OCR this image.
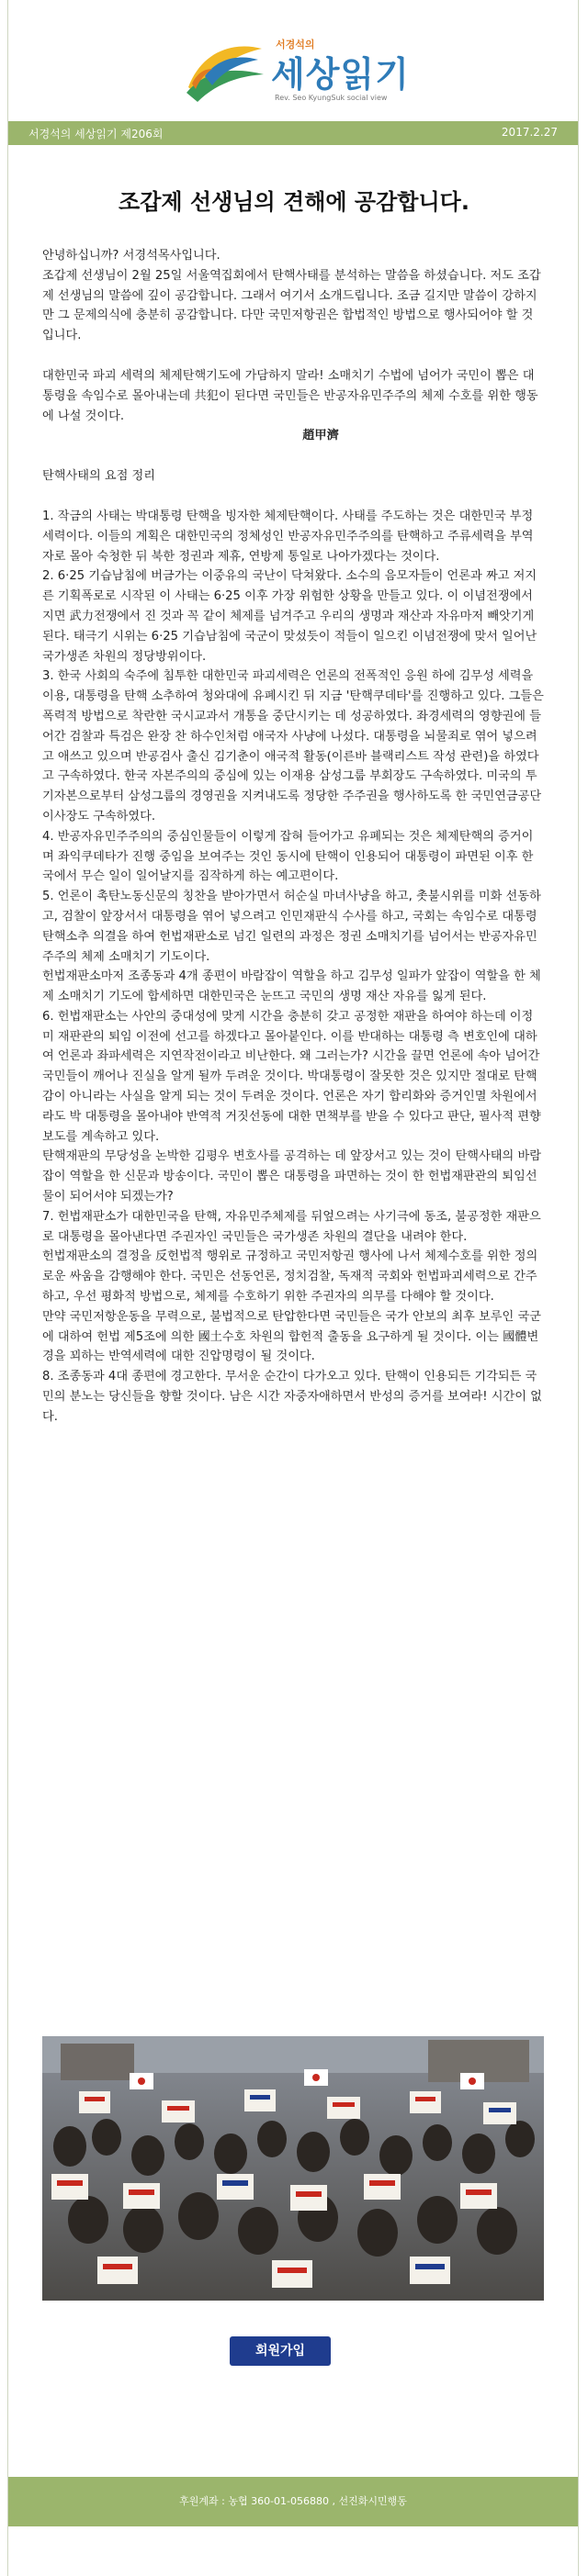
서경석의
세상읽기
Rev. Seo KyungSuk social view
서경석의 세상읽기 제206회	2017.2.27
조갑제 선생님의 견해에 공감합니다.

안녕하십니까? 서경석목사입니다.

조갑제 선생님이 2월 25일 서울역집회에서 탄핵사태를 분석하는 말씀을 하셨습니다. 저도 조갑제 선생님의 말씀에 깊이 공감합니다. 그래서 여기서 소개드립니다. 조금 길지만 말씀이 강하지만 그 문제의식에 충분히 공감합니다. 다만 국민저항권은 합법적인 방법으로 행사되어야 할 것입니다.

대한민국 파괴 세력의 체제탄핵기도에 가담하지 말라! 소매치기 수법에 넘어가 국민이 뽑은 대통령을 속임수로 몰아내는데 共犯이 된다면 국민들은 반공자유민주주의 체제 수호를 위한 행동에 나설 것이다.

趙甲濟

탄핵사태의 요점 정리

1. 작금의 사태는 박대통령 탄핵을 빙자한 체제탄핵이다. 사태를 주도하는 것은 대한민국 부정세력이다. 이들의 계획은 대한민국의 정체성인 반공자유민주주의를 탄핵하고 주류세력을 부역자로 몰아 숙청한 뒤 북한 정권과 제휴, 연방제 통일로 나아가겠다는 것이다.

2. 6·25 기습남침에 버금가는 이중유의 국난이 닥쳐왔다. 소수의 음모자들이 언론과 짜고 저지른 기획폭로로 시작된 이 사태는 6·25 이후 가장 위험한 상황을 만들고 있다. 이 이념전쟁에서 지면 武力전쟁에서 진 것과 꼭 같이 체제를 넘겨주고 우리의 생명과 재산과 자유마저 빼앗기게 된다. 태극기 시위는 6·25 기습남침에 국군이 맞섰듯이 적들이 일으킨 이념전쟁에 맞서 일어난 국가생존 차원의 정당방위이다.

3. 한국 사회의 숙주에 침투한 대한민국 파괴세력은 언론의 전폭적인 응원 하에 김무성 세력을 이용, 대통령을 탄핵 소추하여 청와대에 유폐시킨 뒤 지금 '탄핵쿠데타'를 진행하고 있다. 그들은 폭력적 방법으로 착란한 국시교과서 개통을 중단시키는 데 성공하였다. 좌경세력의 영향권에 들어간 검찰과 특검은 완장 찬 하수인처럼 애국자 사냥에 나섰다. 대통령을 뇌물죄로 엮어 넣으려고 애쓰고 있으며 반공검사 출신 김기춘이 애국적 활동(이른바 블랙리스트 작성 관련)을 하였다고 구속하였다. 한국 자본주의의 중심에 있는 이재용 삼성그룹 부회장도 구속하였다. 미국의 투기자본으로부터 삼성그룹의 경영권을 지켜내도록 정당한 주주권을 행사하도록 한 국민연금공단 이사장도 구속하였다.

4. 반공자유민주주의의 중심인물들이 이렇게 잡혀 들어가고 유폐되는 것은 체제탄핵의 증거이며 좌익쿠데타가 진행 중임을 보여주는 것인 동시에 탄핵이 인용되어 대통령이 파면된 이후 한국에서 무슨 일이 일어날지를 짐작하게 하는 예고편이다.

5. 언론이 촉탄노동신문의 칭찬을 받아가면서 허순실 마녀사냥을 하고, 촛불시위를 미화 선동하고, 검찰이 앞장서서 대통령을 엮어 넣으려고 인민재판식 수사를 하고, 국회는 속임수로 대통령 탄핵소추 의결을 하여 헌법재판소로 넘긴 일련의 과정은 정권 소매치기를 넘어서는 반공자유민주주의 체제 소매치기 기도이다.

헌법재판소마저 조종동과 4개 종편이 바람잡이 역할을 하고 김무성 일파가 앞잡이 역할을 한 체제 소매치기 기도에 합세하면 대한민국은 눈뜨고 국민의 생명 재산 자유를 잃게 된다.

6. 헌법재판소는 사안의 중대성에 맞게 시간을 충분히 갖고 공정한 재판을 하여야 하는데 이정미 재판관의 퇴임 이전에 선고를 하겠다고 몰아붙인다. 이를 반대하는 대통령 측 변호인에 대하여 언론과 좌파세력은 지연작전이라고 비난한다. 왜 그러는가? 시간을 끌면 언론에 속아 넘어간 국민들이 깨어나 진실을 알게 될까 두려운 것이다. 박대통령이 잘못한 것은 있지만 절대로 탄핵감이 아니라는 사실을 알게 되는 것이 두려운 것이다. 언론은 자기 합리화와 증거인멸 차원에서라도 박 대통령을 몰아내야 반역적 거짓선동에 대한 면책부를 받을 수 있다고 판단, 필사적 편향 보도를 계속하고 있다.

탄핵재판의 무당성을 논박한 김평우 변호사를 공격하는 데 앞장서고 있는 것이 탄핵사태의 바람잡이 역할을 한 신문과 방송이다. 국민이 뽑은 대통령을 파면하는 것이 한 헌법재판관의 퇴임선물이 되어서야 되겠는가?

7. 헌법재판소가 대한민국을 탄핵, 자유민주체제를 뒤엎으려는 사기극에 동조, 불공정한 재판으로 대통령을 몰아낸다면 주권자인 국민들은 국가생존 차원의 결단을 내려야 한다.

헌법재판소의 결정을 反헌법적 행위로 규정하고 국민저항권 행사에 나서 체제수호를 위한 정의로운 싸움을 감행해야 한다. 국민은 선동언론, 정치검찰, 독재적 국회와 헌법파괴세력으로 간주하고, 우선 평화적 방법으로, 체제를 수호하기 위한 주권자의 의무를 다해야 할 것이다.

만약 국민저항운동을 무력으로, 불법적으로 탄압한다면 국민들은 국가 안보의 최후 보루인 국군에 대하여 헌법 제5조에 의한 國土수호 차원의 합헌적 출동을 요구하게 될 것이다. 이는 國體변경을 꾀하는 반역세력에 대한 진압명령이 될 것이다.

8. 조종동과 4대 종편에 경고한다. 무서운 순간이 다가오고 있다. 탄핵이 인용되든 기각되든 국민의 분노는 당신들을 향할 것이다. 남은 시간 자중자애하면서 반성의 증거를 보여라! 시간이 없다.

회원가입
후원계좌 : 농협 360-01-056880 , 선진화시민행동
